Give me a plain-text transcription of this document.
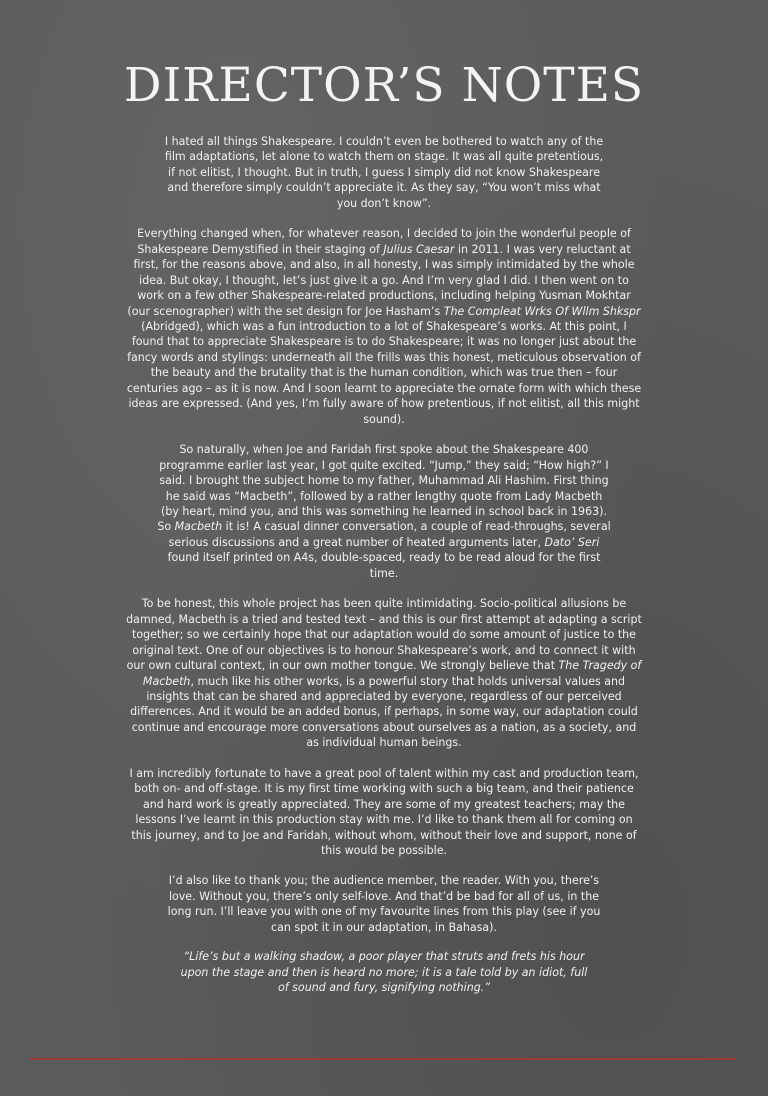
DIRECTOR’S NOTES

I hated all things Shakespeare. I couldn’t even be bothered to watch any of the film adaptations, let alone to watch them on stage. It was all quite pretentious, if not elitist, I thought. But in truth, I guess I simply did not know Shakespeare and therefore simply couldn’t appreciate it. As they say, “You won’t miss what you don’t know”.

Everything changed when, for whatever reason, I decided to join the wonderful people of Shakespeare Demystified in their staging of Julius Caesar in 2011. I was very reluctant at first, for the reasons above, and also, in all honesty, I was simply intimidated by the whole idea. But okay, I thought, let’s just give it a go. And I’m very glad I did. I then went on to work on a few other Shakespeare-related productions, including helping Yusman Mokhtar (our scenographer) with the set design for Joe Hasham’s The Compleat Wrks Of Wllm Shkspr (Abridged), which was a fun introduction to a lot of Shakespeare’s works. At this point, I found that to appreciate Shakespeare is to do Shakespeare; it was no longer just about the fancy words and stylings: underneath all the frills was this honest, meticulous observation of the beauty and the brutality that is the human condition, which was true then – four centuries ago – as it is now. And I soon learnt to appreciate the ornate form with which these ideas are expressed. (And yes, I’m fully aware of how pretentious, if not elitist, all this might sound).

So naturally, when Joe and Faridah first spoke about the Shakespeare 400 programme earlier last year, I got quite excited. “Jump,” they said; “How high?” I said. I brought the subject home to my father, Muhammad Ali Hashim. First thing he said was “Macbeth”, followed by a rather lengthy quote from Lady Macbeth (by heart, mind you, and this was something he learned in school back in 1963). So Macbeth it is! A casual dinner conversation, a couple of read-throughs, several serious discussions and a great number of heated arguments later, Dato’ Seri found itself printed on A4s, double-spaced, ready to be read aloud for the first time.

To be honest, this whole project has been quite intimidating. Socio-political allusions be damned, Macbeth is a tried and tested text – and this is our first attempt at adapting a script together; so we certainly hope that our adaptation would do some amount of justice to the original text. One of our objectives is to honour Shakespeare’s work, and to connect it with our own cultural context, in our own mother tongue. We strongly believe that The Tragedy of Macbeth, much like his other works, is a powerful story that holds universal values and insights that can be shared and appreciated by everyone, regardless of our perceived differences. And it would be an added bonus, if perhaps, in some way, our adaptation could continue and encourage more conversations about ourselves as a nation, as a society, and as individual human beings.

I am incredibly fortunate to have a great pool of talent within my cast and production team, both on- and off-stage. It is my first time working with such a big team, and their patience and hard work is greatly appreciated. They are some of my greatest teachers; may the lessons I’ve learnt in this production stay with me. I’d like to thank them all for coming on this journey, and to Joe and Faridah, without whom, without their love and support, none of this would be possible.

I’d also like to thank you; the audience member, the reader. With you, there’s love. Without you, there’s only self-love. And that’d be bad for all of us, in the long run. I’ll leave you with one of my favourite lines from this play (see if you can spot it in our adaptation, in Bahasa).

“Life’s but a walking shadow, a poor player that struts and frets his hour upon the stage and then is heard no more; it is a tale told by an idiot, full of sound and fury, signifying nothing.”
